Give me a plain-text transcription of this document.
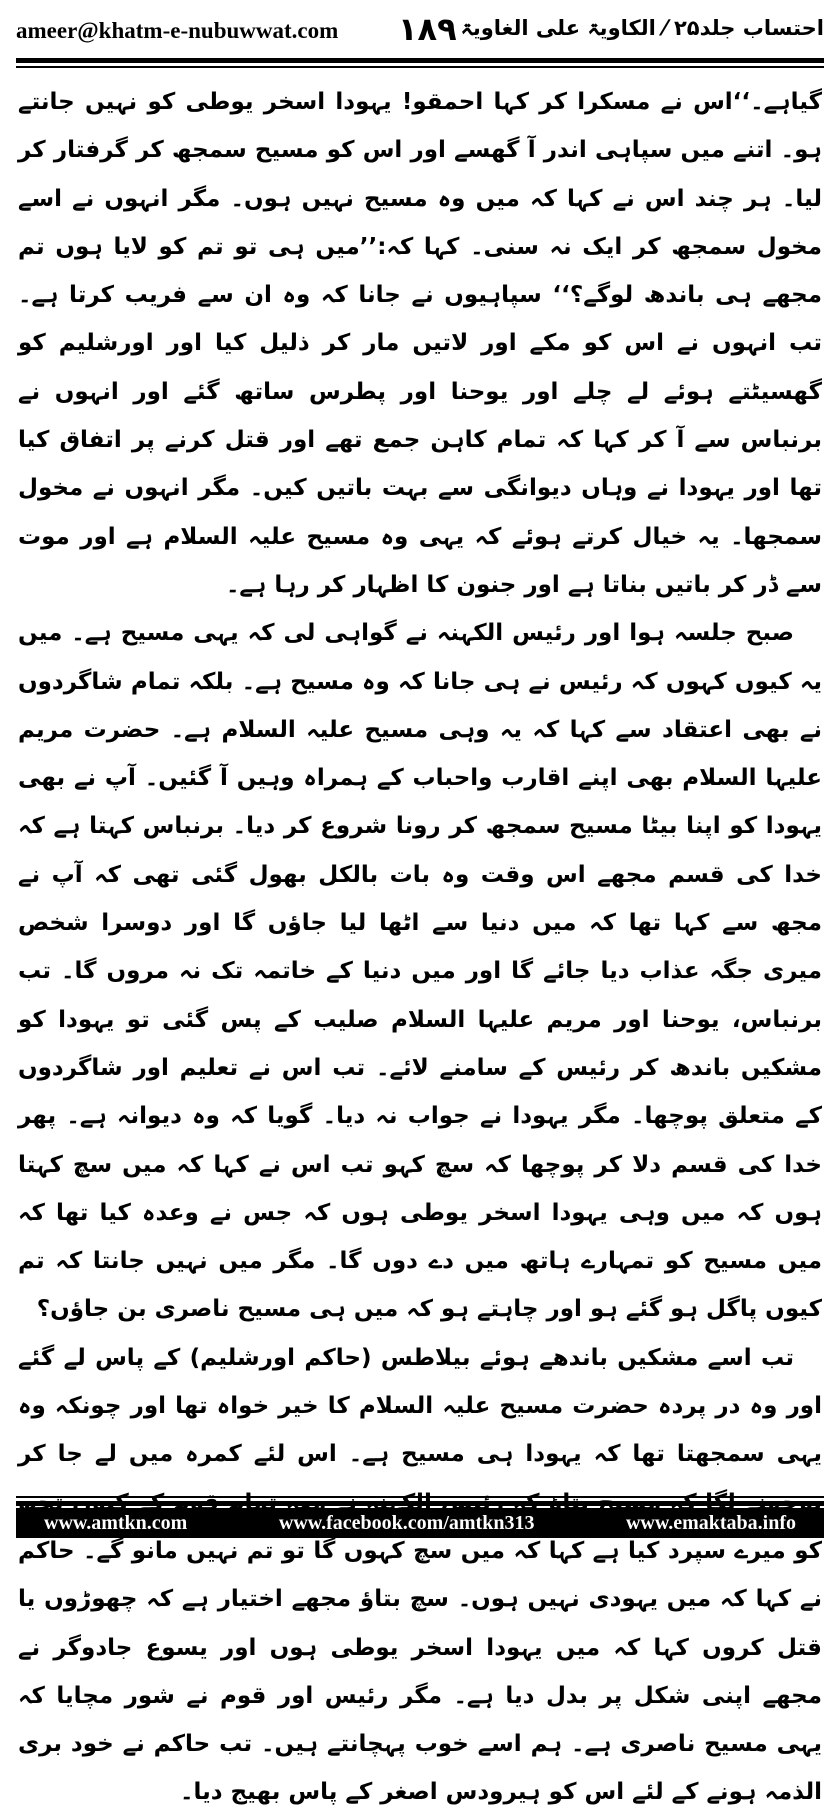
ameer@khatm-e-nubuwwat.com ۱۸۹ احتساب جلد۲۵ ⁄ الکاویۃ علی الغاویۃ

گیاہے۔‘‘اس نے مسکرا کر کہا احمقو! یہودا اسخر یوطی کو نہیں جانتے ہو۔ اتنے میں سپاہی اندر آ گھسے اور اس کو مسیح سمجھ کر گرفتار کر لیا۔ ہر چند اس نے کہا کہ میں وہ مسیح نہیں ہوں۔ مگر انہوں نے اسے مخول سمجھ کر ایک نہ سنی۔ کہا کہ:’’میں ہی تو تم کو لایا ہوں تم مجھے ہی باندھ لوگے؟‘‘ سپاہیوں نے جانا کہ وہ ان سے فریب کرتا ہے۔ تب انہوں نے اس کو مکے اور لاتیں مار کر ذلیل کیا اور اورشلیم کو گھسیٹتے ہوئے لے چلے اور یوحنا اور پطرس ساتھ گئے اور انہوں نے برنباس سے آ کر کہا کہ تمام کاہن جمع تھے اور قتل کرنے پر اتفاق کیا تھا اور یہودا نے وہاں دیوانگی سے بہت باتیں کیں۔ مگر انہوں نے مخول سمجھا۔ یہ خیال کرتے ہوئے کہ یہی وہ مسیح علیہ السلام ہے اور موت سے ڈر کر باتیں بناتا ہے اور جنون کا اظہار کر رہا ہے۔

صبح جلسہ ہوا اور رئیس الکہنہ نے گواہی لی کہ یہی مسیح ہے۔ میں یہ کیوں کہوں کہ رئیس نے ہی جانا کہ وہ مسیح ہے۔ بلکہ تمام شاگردوں نے بھی اعتقاد سے کہا کہ یہ وہی مسیح علیہ السلام ہے۔ حضرت مریم علیہا السلام بھی اپنے اقارب واحباب کے ہمراہ وہیں آ گئیں۔ آپ نے بھی یہودا کو اپنا بیٹا مسیح سمجھ کر رونا شروع کر دیا۔ برنباس کہتا ہے کہ خدا کی قسم مجھے اس وقت وہ بات بالکل بھول گئی تھی کہ آپ نے مجھ سے کہا تھا کہ میں دنیا سے اٹھا لیا جاؤں گا اور دوسرا شخص میری جگہ عذاب دیا جائے گا اور میں دنیا کے خاتمہ تک نہ مروں گا۔ تب برنباس، یوحنا اور مریم علیہا السلام صلیب کے پس گئی تو یہودا کو مشکیں باندھ کر رئیس کے سامنے لائے۔ تب اس نے تعلیم اور شاگردوں کے متعلق پوچھا۔ مگر یہودا نے جواب نہ دیا۔ گویا کہ وہ دیوانہ ہے۔ پھر خدا کی قسم دلا کر پوچھا کہ سچ کہو تب اس نے کہا کہ میں سچ کہتا ہوں کہ میں وہی یہودا اسخر یوطی ہوں کہ جس نے وعدہ کیا تھا کہ میں مسیح کو تمہارے ہاتھ میں دے دوں گا۔ مگر میں نہیں جانتا کہ تم کیوں پاگل ہو گئے ہو اور چاہتے ہو کہ میں ہی مسیح ناصری بن جاؤں؟

تب اسے مشکیں باندھے ہوئے بیلاطس (حاکم اورشلیم) کے پاس لے گئے اور وہ در پردہ حضرت مسیح علیہ السلام کا خیر خواہ تھا اور چونکہ وہ یہی سمجھتا تھا کہ یہودا ہی مسیح ہے۔ اس لئے کمرہ میں لے جا کر کو میرے سپرد کیا ہے کہا کہ میں سچ کہوں گا تو تم نہیں مانو گے۔ حاکم نے کہا کہ میں یہودی نہیں ہوں۔ سچ بتاؤ مجھے اختیار ہے کہ چھوڑوں یا قتل کروں کہا کہ میں یہودا اسخر یوطی ہوں اور یسوع جادوگر نے مجھے اپنی شکل پر بدل دیا ہے۔ مگر رئیس اور قوم نے شور مچایا کہ یہی مسیح ناصری ہے۔ ہم اسے خوب پہچانتے ہیں۔ تب حاکم نے خود بری الذمہ ہونے کے لئے اس کو ہیرودس اصغر کے پاس بھیج دیا۔

www.amtkn.com	www.facebook.com/amtkn313	www.emaktaba.info
